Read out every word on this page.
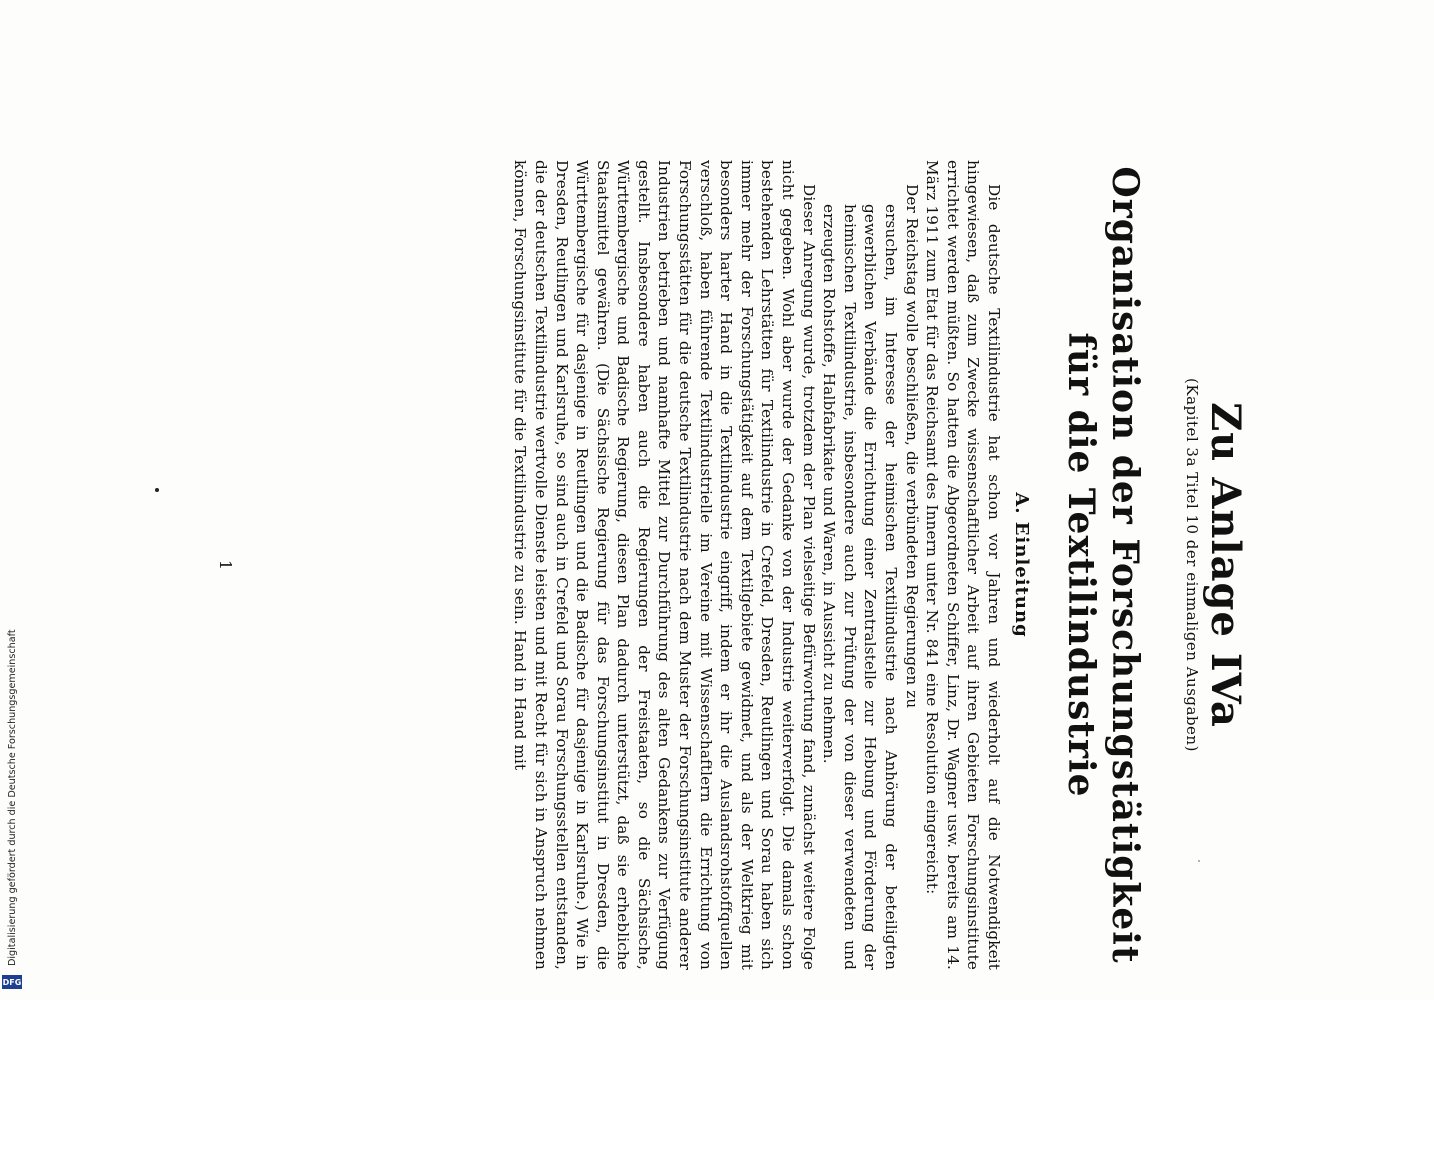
Zu Anlage IVa
(Kapitel 3a Titel 10 der einmaligen Ausgaben)
Organisation der Forschungstätigkeit für die Textilindustrie
A. Einleitung

Die deutsche Textilindustrie hat schon vor Jahren und wiederholt auf die Notwendigkeit hingewiesen, daß zum Zwecke wissenschaftlicher Arbeit auf ihren Gebieten Forschungsinstitute errichtet werden müßten. So hatten die Abgeordneten Schiffer, Linz, Dr. Wagner usw. bereits am 14. März 1911 zum Etat für das Reichsamt des Innern unter Nr. 841 eine Resolution eingereicht:

Der Reichstag wolle beschließen, die verbündeten Regierungen zu

ersuchen, im Interesse der heimischen Textilindustrie nach Anhörung der beteiligten gewerblichen Verbände die Errichtung einer Zentralstelle zur Hebung und Förderung der heimischen Textilindustrie, insbesondere auch zur Prüfung der von dieser verwendeten und erzeugten Rohstoffe, Halbfabrikate und Waren, in Aussicht zu nehmen.

Dieser Anregung wurde, trotzdem der Plan vielseitige Befürwortung fand, zunächst weitere Folge nicht gegeben. Wohl aber wurde der Gedanke von der Industrie weiterverfolgt. Die damals schon bestehenden Lehrstätten für Textilindustrie in Crefeld, Dresden, Reutlingen und Sorau haben sich immer mehr der Forschungstätigkeit auf dem Textilgebiete gewidmet, und als der Weltkrieg mit besonders harter Hand in die Textilindustrie eingriff, indem er ihr die Auslandsrohstoffquellen verschloß, haben führende Textilindustrielle im Vereine mit Wissenschaftlern die Errichtung von Forschungsstätten für die deutsche Textilindustrie nach dem Muster der Forschungsinstitute anderer Industrien betrieben und namhafte Mittel zur Durchführung des alten Gedankens zur Verfügung gestellt. Insbesondere haben auch die Regierungen der Freistaaten, so die Sächsische, Württembergische und Badische Regierung, diesen Plan dadurch unterstützt, daß sie erhebliche Staatsmittel gewähren. (Die Sächsische Regierung für das Forschungsinstitut in Dresden, die Württembergische für dasjenige in Reutlingen und die Badische für dasjenige in Karlsruhe.) Wie in Dresden, Reutlingen und Karlsruhe, so sind auch in Crefeld und Sorau Forschungsstellen entstanden, die der deutschen Textilindustrie wertvolle Dienste leisten und mit Recht für sich in Anspruch nehmen können, Forschungsinstitute für die Textilindustrie zu sein. Hand in Hand mit

1
DFG
Digitalisierung gefördert durch die Deutsche Forschungsgemeinschaft
